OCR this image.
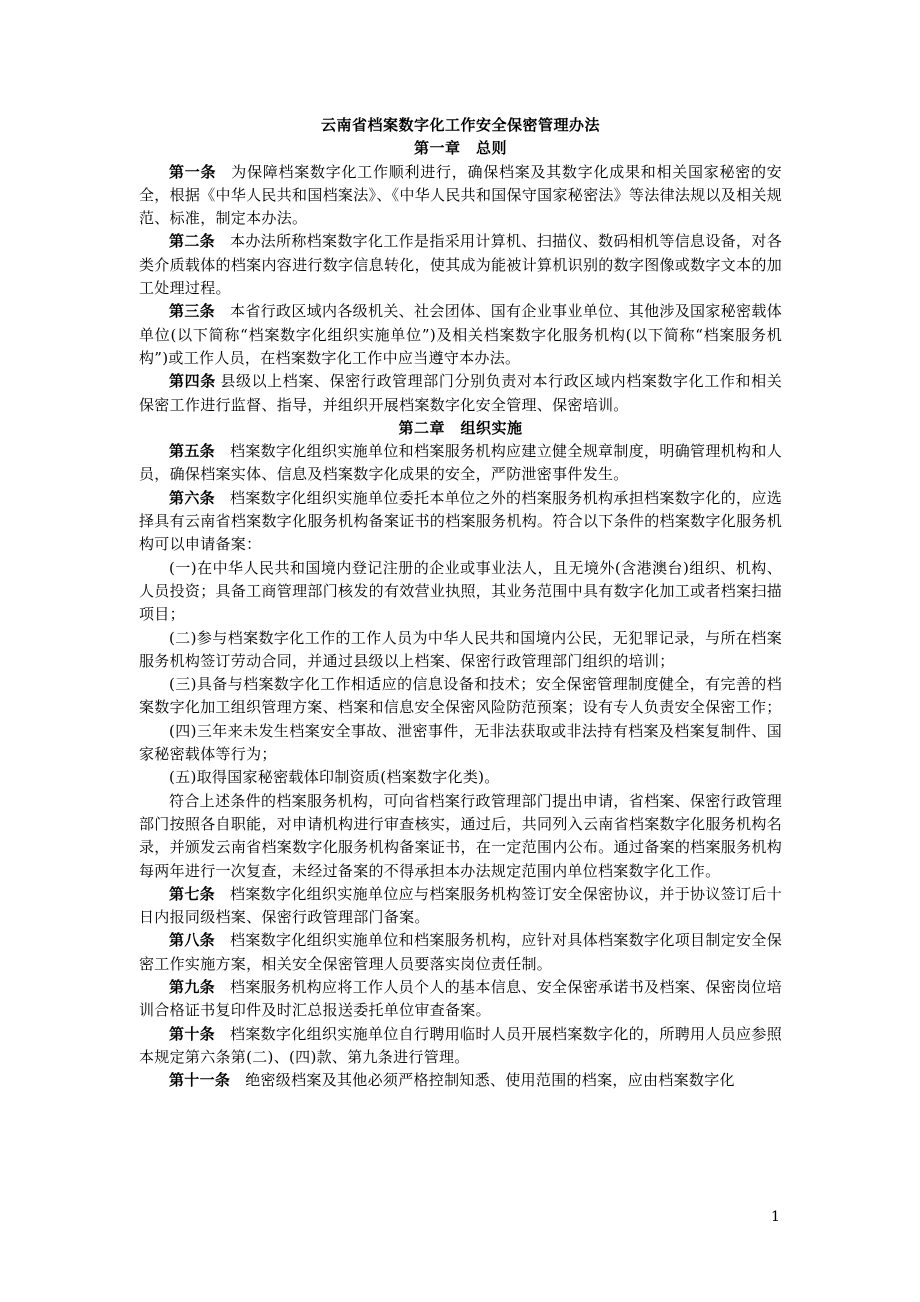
云南省档案数字化工作安全保密管理办法

第一章　总则

第一条 为保障档案数字化工作顺利进行，确保档案及其数字化成果和相关国家秘密的安全，根据《中华人民共和国档案法》、《中华人民共和国保守国家秘密法》等法律法规以及相关规范、标准，制定本办法。

第二条 本办法所称档案数字化工作是指采用计算机、扫描仪、数码相机等信息设备，对各类介质载体的档案内容进行数字信息转化，使其成为能被计算机识别的数字图像或数字文本的加工处理过程。

第三条 本省行政区域内各级机关、社会团体、国有企业事业单位、其他涉及国家秘密载体单位(以下简称“档案数字化组织实施单位”)及相关档案数字化服务机构(以下简称“档案服务机构”)或工作人员，在档案数字化工作中应当遵守本办法。

第四条 县级以上档案、保密行政管理部门分别负责对本行政区域内档案数字化工作和相关保密工作进行监督、指导，并组织开展档案数字化安全管理、保密培训。

第二章　组织实施

第五条 档案数字化组织实施单位和档案服务机构应建立健全规章制度，明确管理机构和人员，确保档案实体、信息及档案数字化成果的安全，严防泄密事件发生。

第六条 档案数字化组织实施单位委托本单位之外的档案服务机构承担档案数字化的，应选择具有云南省档案数字化服务机构备案证书的档案服务机构。符合以下条件的档案数字化服务机构可以申请备案：

(一)在中华人民共和国境内登记注册的企业或事业法人，且无境外(含港澳台)组织、机构、人员投资；具备工商管理部门核发的有效营业执照，其业务范围中具有数字化加工或者档案扫描项目；

(二)参与档案数字化工作的工作人员为中华人民共和国境内公民，无犯罪记录，与所在档案服务机构签订劳动合同，并通过县级以上档案、保密行政管理部门组织的培训；

(三)具备与档案数字化工作相适应的信息设备和技术；安全保密管理制度健全，有完善的档案数字化加工组织管理方案、档案和信息安全保密风险防范预案；设有专人负责安全保密工作；

(四)三年来未发生档案安全事故、泄密事件，无非法获取或非法持有档案及档案复制件、国家秘密载体等行为；

(五)取得国家秘密载体印制资质(档案数字化类)。

符合上述条件的档案服务机构，可向省档案行政管理部门提出申请，省档案、保密行政管理部门按照各自职能，对申请机构进行审查核实，通过后，共同列入云南省档案数字化服务机构名录，并颁发云南省档案数字化服务机构备案证书，在一定范围内公布。通过备案的档案服务机构每两年进行一次复查，未经过备案的不得承担本办法规定范围内单位档案数字化工作。

第七条 档案数字化组织实施单位应与档案服务机构签订安全保密协议，并于协议签订后十日内报同级档案、保密行政管理部门备案。

第八条 档案数字化组织实施单位和档案服务机构，应针对具体档案数字化项目制定安全保密工作实施方案，相关安全保密管理人员要落实岗位责任制。

第九条 档案服务机构应将工作人员个人的基本信息、安全保密承诺书及档案、保密岗位培训合格证书复印件及时汇总报送委托单位审查备案。

第十条 档案数字化组织实施单位自行聘用临时人员开展档案数字化的，所聘用人员应参照本规定第六条第(二)、(四)款、第九条进行管理。

第十一条 绝密级档案及其他必须严格控制知悉、使用范围的档案，应由档案数字化

1
